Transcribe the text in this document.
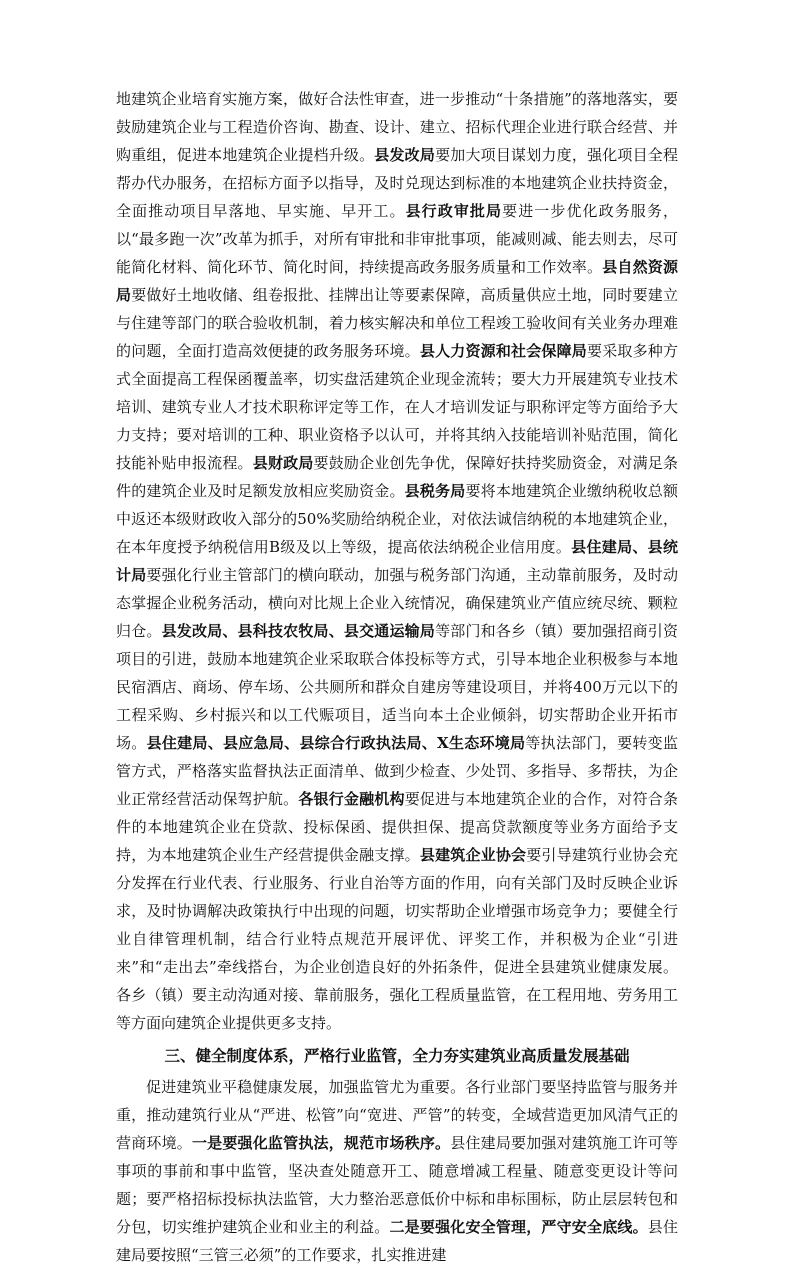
地建筑企业培育实施方案，做好合法性审查，进一步推动“十条措施”的落地落实，要鼓励建筑企业与工程造价咨询、勘查、设计、建立、招标代理企业进行联合经营、并购重组，促进本地建筑企业提档升级。县发改局要加大项目谋划力度，强化项目全程帮办代办服务，在招标方面予以指导，及时兑现达到标准的本地建筑企业扶持资金，全面推动项目早落地、早实施、早开工。县行政审批局要进一步优化政务服务，以“最多跑一次”改革为抓手，对所有审批和非审批事项，能减则减、能去则去，尽可能简化材料、简化环节、简化时间，持续提高政务服务质量和工作效率。县自然资源局要做好土地收储、组卷报批、挂牌出让等要素保障，高质量供应土地，同时要建立与住建等部门的联合验收机制，着力核实解决和单位工程竣工验收间有关业务办理难的问题，全面打造高效便捷的政务服务环境。县人力资源和社会保障局要采取多种方式全面提高工程保函覆盖率，切实盘活建筑企业现金流转；要大力开展建筑专业技术培训、建筑专业人才技术职称评定等工作，在人才培训发证与职称评定等方面给予大力支持；要对培训的工种、职业资格予以认可，并将其纳入技能培训补贴范围，简化技能补贴申报流程。县财政局要鼓励企业创先争优，保障好扶持奖励资金，对满足条件的建筑企业及时足额发放相应奖励资金。县税务局要将本地建筑企业缴纳税收总额中返还本级财政收入部分的50%奖励给纳税企业，对依法诚信纳税的本地建筑企业，在本年度授予纳税信用B级及以上等级，提高依法纳税企业信用度。县住建局、县统计局要强化行业主管部门的横向联动，加强与税务部门沟通，主动靠前服务，及时动态掌握企业税务活动，横向对比规上企业入统情况，确保建筑业产值应统尽统、颗粒归仓。县发改局、县科技农牧局、县交通运输局等部门和各乡（镇）要加强招商引资项目的引进，鼓励本地建筑企业采取联合体投标等方式，引导本地企业积极参与本地民宿酒店、商场、停车场、公共厕所和群众自建房等建设项目，并将400万元以下的工程采购、乡村振兴和以工代赈项目，适当向本土企业倾斜，切实帮助企业开拓市场。县住建局、县应急局、县综合行政执法局、X生态环境局等执法部门，要转变监管方式，严格落实监督执法正面清单、做到少检查、少处罚、多指导、多帮扶，为企业正常经营活动保驾护航。各银行金融机构要促进与本地建筑企业的合作，对符合条件的本地建筑企业在贷款、投标保函、提供担保、提高贷款额度等业务方面给予支持，为本地建筑企业生产经营提供金融支撑。县建筑企业协会要引导建筑行业协会充分发挥在行业代表、行业服务、行业自治等方面的作用，向有关部门及时反映企业诉求，及时协调解决政策执行中出现的问题，切实帮助企业增强市场竞争力；要健全行业自律管理机制，结合行业特点规范开展评优、评奖工作，并积极为企业“引进来”和“走出去”牵线搭台，为企业创造良好的外拓条件，促进全县建筑业健康发展。各乡（镇）要主动沟通对接、靠前服务，强化工程质量监管，在工程用地、劳务用工等方面向建筑企业提供更多支持。

三、健全制度体系，严格行业监管，全力夯实建筑业高质量发展基础

促进建筑业平稳健康发展，加强监管尤为重要。各行业部门要坚持监管与服务并重，推动建筑行业从“严进、松管”向“宽进、严管”的转变，全域营造更加风清气正的营商环境。一是要强化监管执法，规范市场秩序。县住建局要加强对建筑施工许可等事项的事前和事中监管，坚决查处随意开工、随意增减工程量、随意变更设计等问题；要严格招标投标执法监管，大力整治恶意低价中标和串标围标，防止层层转包和分包，切实维护建筑企业和业主的利益。二是要强化安全管理，严守安全底线。县住建局要按照“三管三必须”的工作要求，扎实推进建
